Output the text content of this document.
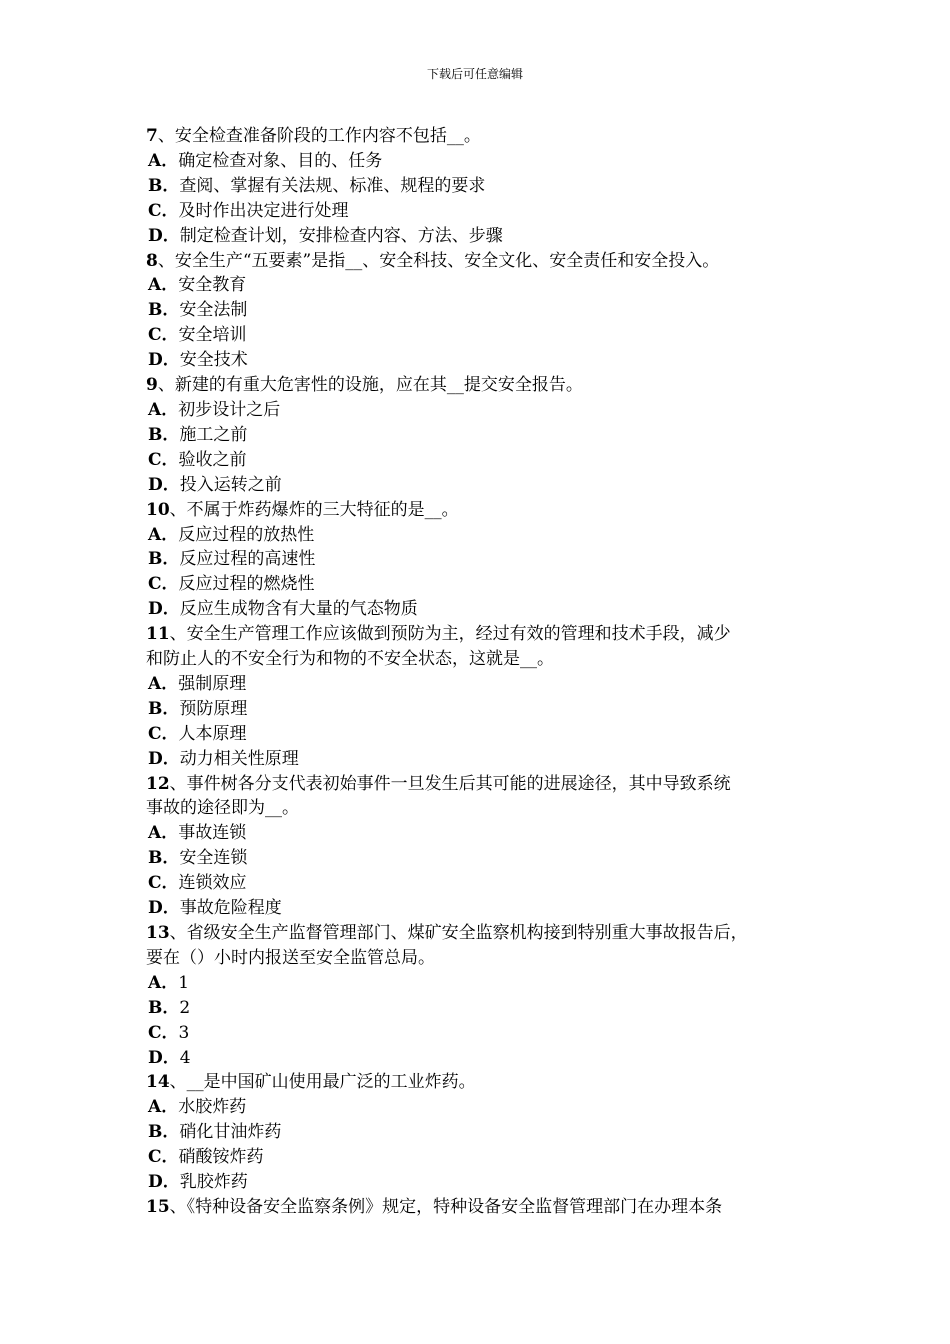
下载后可任意编辑
7、安全检查准备阶段的工作内容不包括__。
A．确定检查对象、目的、任务
B．查阅、掌握有关法规、标准、规程的要求
C．及时作出决定进行处理
D．制定检查计划，安排检查内容、方法、步骤
8、安全生产“五要素”是指__、安全科技、安全文化、安全责任和安全投入。
A．安全教育
B．安全法制
C．安全培训
D．安全技术
9、新建的有重大危害性的设施，应在其__提交安全报告。
A．初步设计之后
B．施工之前
C．验收之前
D．投入运转之前
10、不属于炸药爆炸的三大特征的是__。
A．反应过程的放热性
B．反应过程的高速性
C．反应过程的燃烧性
D．反应生成物含有大量的气态物质
11、安全生产管理工作应该做到预防为主，经过有效的管理和技术手段，减少
和防止人的不安全行为和物的不安全状态，这就是__。
A．强制原理
B．预防原理
C．人本原理
D．动力相关性原理
12、事件树各分支代表初始事件一旦发生后其可能的进展途径，其中导致系统
事故的途径即为__。
A．事故连锁
B．安全连锁
C．连锁效应
D．事故危险程度
13、省级安全生产监督管理部门、煤矿安全监察机构接到特别重大事故报告后，
要在（）小时内报送至安全监管总局。
A．1
B．2
C．3
D．4
14、__是中国矿山使用最广泛的工业炸药。
A．水胶炸药
B．硝化甘油炸药
C．硝酸铵炸药
D．乳胶炸药
15、《特种设备安全监察条例》规定，特种设备安全监督管理部门在办理本条
